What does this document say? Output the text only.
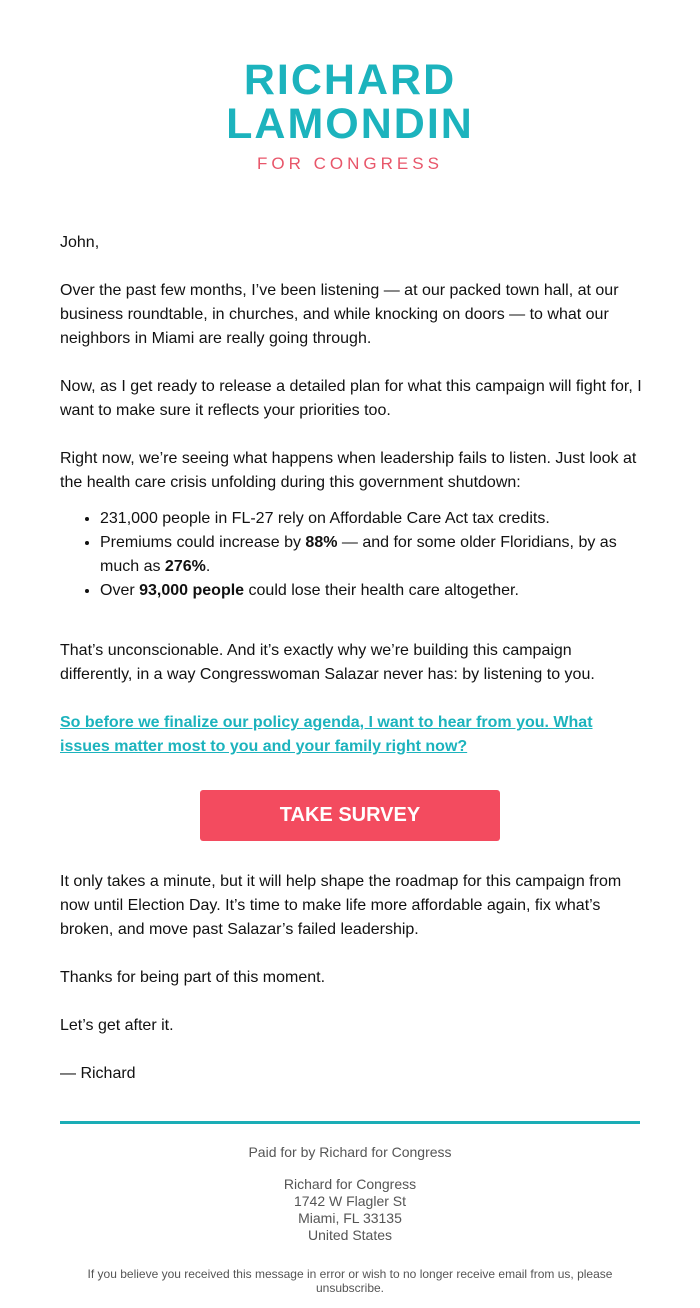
RICHARD
LAMONDIN
FOR CONGRESS

John,

Over the past few months, I’ve been listening — at our packed town hall, at our business roundtable, in churches, and while knocking on doors — to what our neighbors in Miami are really going through.

Now, as I get ready to release a detailed plan for what this campaign will fight for, I want to make sure it reflects your priorities too.

Right now, we’re seeing what happens when leadership fails to listen. Just look at the health care crisis unfolding during this government shutdown:

• 231,000 people in FL-27 rely on Affordable Care Act tax credits.
• Premiums could increase by 88% — and for some older Floridians, by as much as 276%.
• Over 93,000 people could lose their health care altogether.

That’s unconscionable. And it’s exactly why we’re building this campaign differently, in a way Congresswoman Salazar never has: by listening to you.

So before we finalize our policy agenda, I want to hear from you. What issues matter most to you and your family right now?
TAKE SURVEY

It only takes a minute, but it will help shape the roadmap for this campaign from now until Election Day. It’s time to make life more affordable again, fix what’s broken, and move past Salazar’s failed leadership.

Thanks for being part of this moment.

Let’s get after it.

— Richard

Paid for by Richard for Congress
Richard for Congress
1742 W Flagler St
Miami, FL 33135
United States
If you believe you received this message in error or wish to no longer receive email from us, please unsubscribe.
